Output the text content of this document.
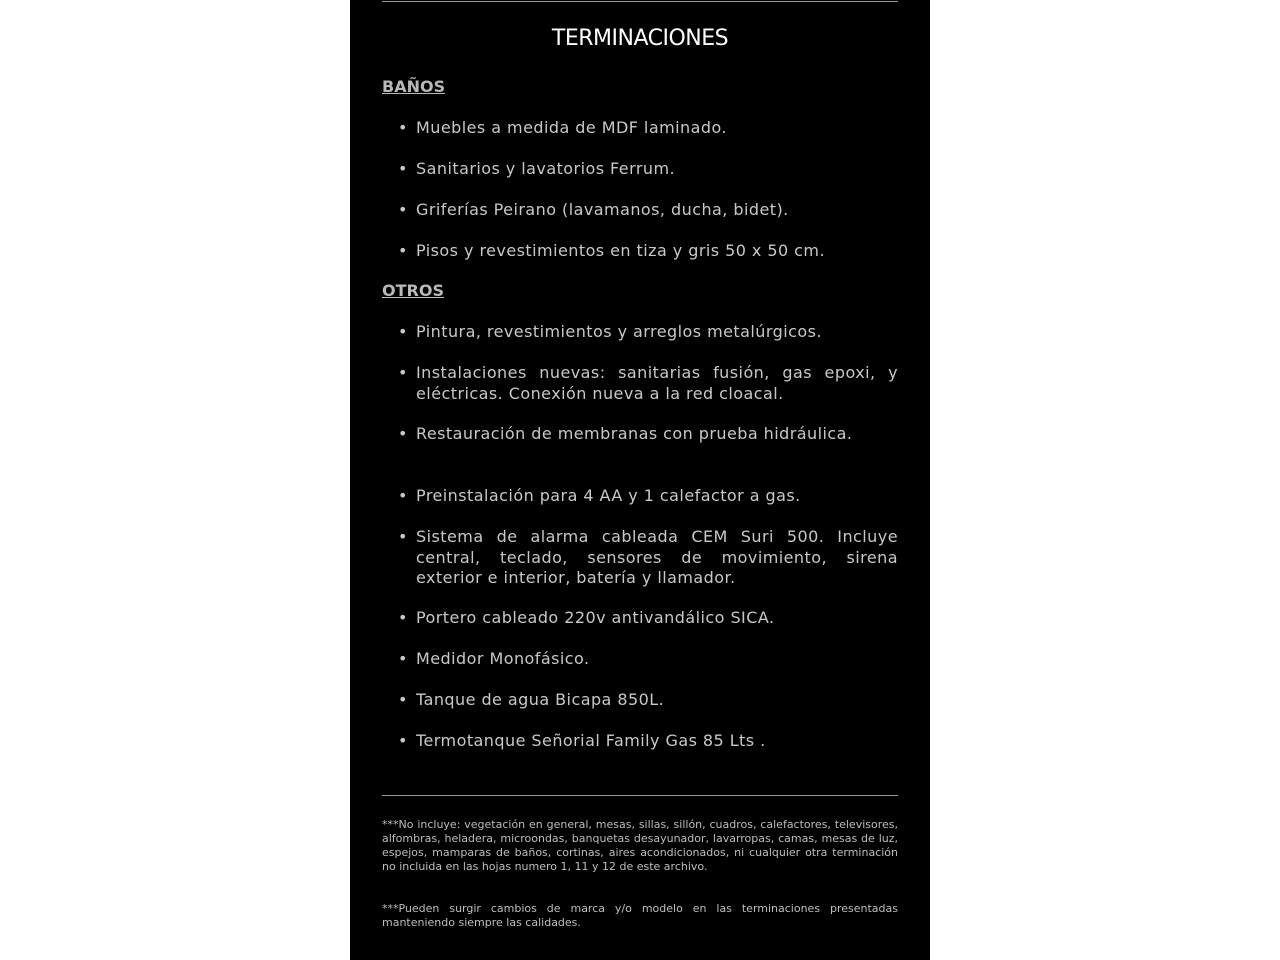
TERMINACIONES
BAÑOS
• Muebles a medida de MDF laminado.
• Sanitarios y lavatorios Ferrum.
• Griferías Peirano (lavamanos, ducha, bidet).
• Pisos y revestimientos en tiza y gris 50 x 50 cm.
OTROS
• Pintura, revestimientos y arreglos metalúrgicos.
• Instalaciones nuevas: sanitarias fusión, gas epoxi, y eléctricas. Conexión nueva a la red cloacal.
• Restauración de membranas con prueba hidráulica.
• Preinstalación para 4 AA y 1 calefactor a gas.
• Sistema de alarma cableada CEM Suri 500. Incluye central, teclado, sensores de movimiento, sirena exterior e interior, batería y llamador.
• Portero cableado 220v antivandálico SICA.
• Medidor Monofásico.
• Tanque de agua Bicapa 850L.
• Termotanque Señorial Family Gas 85 Lts .
***No incluye: vegetación en general, mesas, sillas, sillón, cuadros, calefactores, televisores, alfombras, heladera, microondas, banquetas desayunador, lavarropas, camas, mesas de luz, espejos, mamparas de baños, cortinas, aires acondicionados, ni cualquier otra terminación no incluida en las hojas numero 1, 11 y 12 de este archivo.
***Pueden surgir cambios de marca y/o modelo en las terminaciones presentadas manteniendo siempre las calidades.
